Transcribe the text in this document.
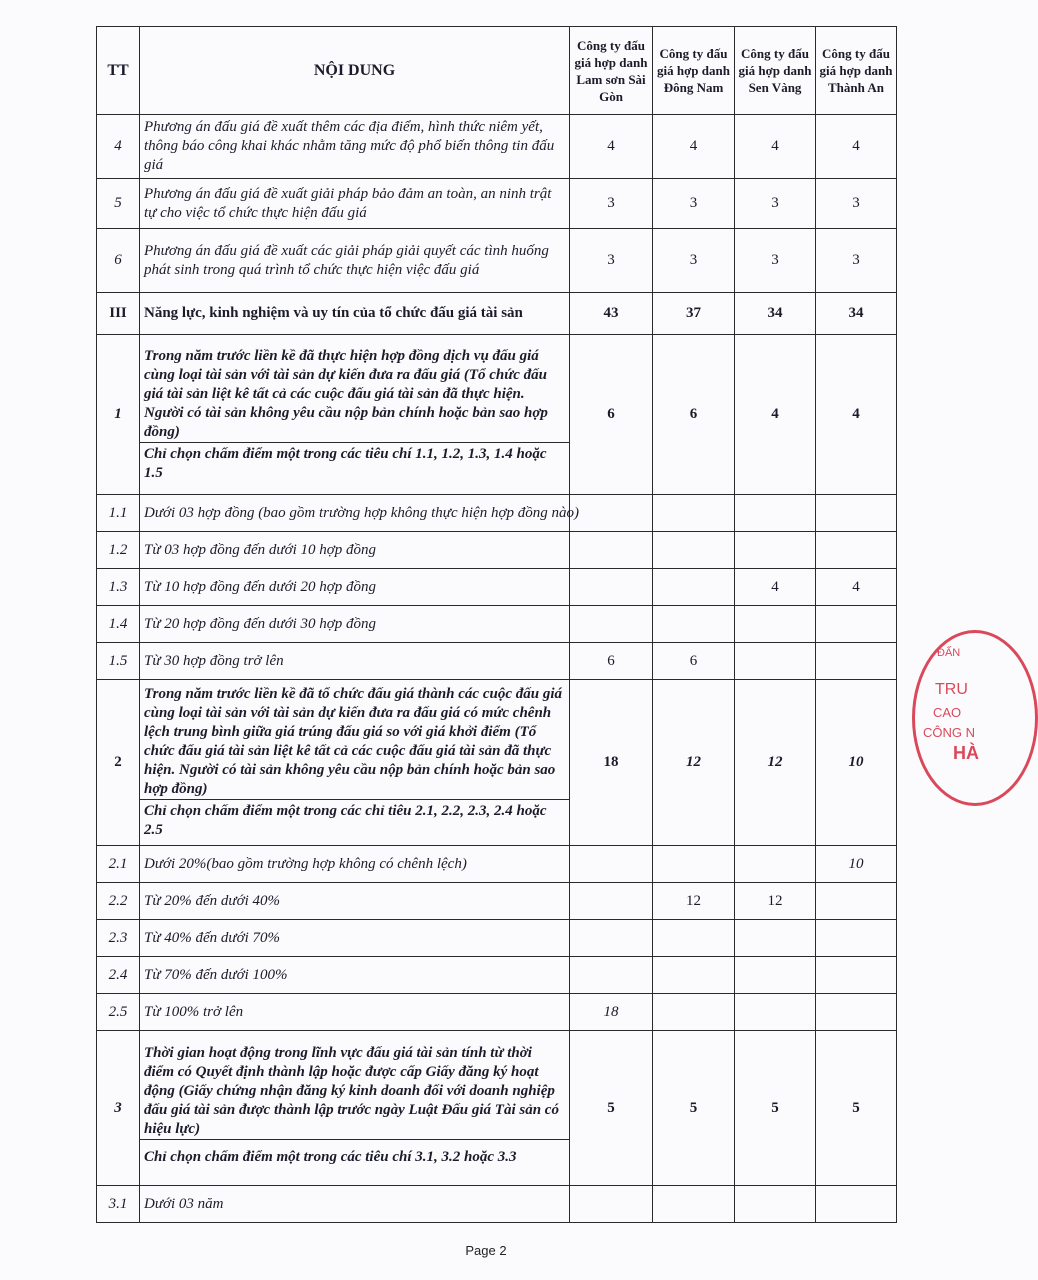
TT	NỘI DUNG	Công ty đấu giá hợp danh Lam sơn Sài Gòn	Công ty đấu giá hợp danh Đông Nam	Công ty đấu giá hợp danh Sen Vàng	Công ty đấu giá hợp danh Thành An
4	Phương án đấu giá đề xuất thêm các địa điểm, hình thức niêm yết, thông báo công khai khác nhằm tăng mức độ phổ biến thông tin đấu giá	4	4	4	4
5	Phương án đấu giá đề xuất giải pháp bảo đảm an toàn, an ninh trật tự cho việc tổ chức thực hiện đấu giá	3	3	3	3
6	Phương án đấu giá đề xuất các giải pháp giải quyết các tình huống phát sinh trong quá trình tổ chức thực hiện việc đấu giá	3	3	3	3
III	Năng lực, kinh nghiệm và uy tín của tổ chức đấu giá tài sản	43	37	34	34
1	Trong năm trước liền kề đã thực hiện hợp đồng dịch vụ đấu giá cùng loại tài sản với tài sản dự kiến đưa ra đấu giá (Tổ chức đấu giá tài sản liệt kê tất cả các cuộc đấu giá tài sản đã thực hiện. Người có tài sản không yêu cầu nộp bản chính hoặc bản sao hợp đồng)
Chỉ chọn chấm điểm một trong các tiêu chí 1.1, 1.2, 1.3, 1.4 hoặc 1.5	6	6	4	4
1.1	Dưới 03 hợp đồng (bao gồm trường hợp không thực hiện hợp đồng nào)				
1.2	Từ 03 hợp đồng đến dưới 10 hợp đồng				
1.3	Từ 10 hợp đồng đến dưới 20 hợp đồng			4	4
1.4	Từ 20 hợp đồng đến dưới 30 hợp đồng				
1.5	Từ 30 hợp đồng trở lên	6	6		
2	Trong năm trước liền kề đã tổ chức đấu giá thành các cuộc đấu giá cùng loại tài sản với tài sản dự kiến đưa ra đấu giá có mức chênh lệch trung bình giữa giá trúng đấu giá so với giá khởi điểm (Tổ chức đấu giá tài sản liệt kê tất cả các cuộc đấu giá tài sản đã thực hiện. Người có tài sản không yêu cầu nộp bản chính hoặc bản sao hợp đồng)
Chỉ chọn chấm điểm một trong các chỉ tiêu 2.1, 2.2, 2.3, 2.4 hoặc 2.5	18	12	12	10
2.1	Dưới 20%(bao gồm trường hợp không có chênh lệch)				10
2.2	Từ 20% đến dưới 40%		12	12	
2.3	Từ 40% đến dưới 70%				
2.4	Từ 70% đến dưới 100%				
2.5	Từ 100% trở lên	18			
3	Thời gian hoạt động trong lĩnh vực đấu giá tài sản tính từ thời điểm có Quyết định thành lập hoặc được cấp Giấy đăng ký hoạt động (Giấy chứng nhận đăng ký kinh doanh đối với doanh nghiệp đấu giá tài sản được thành lập trước ngày Luật Đấu giá Tài sản có hiệu lực)
Chỉ chọn chấm điểm một trong các tiêu chí 3.1, 3.2 hoặc 3.3	5	5	5	5
3.1	Dưới 03 năm				
ĐẤN
TRU
CAO
CÔNG N
HÀ
Page 2
